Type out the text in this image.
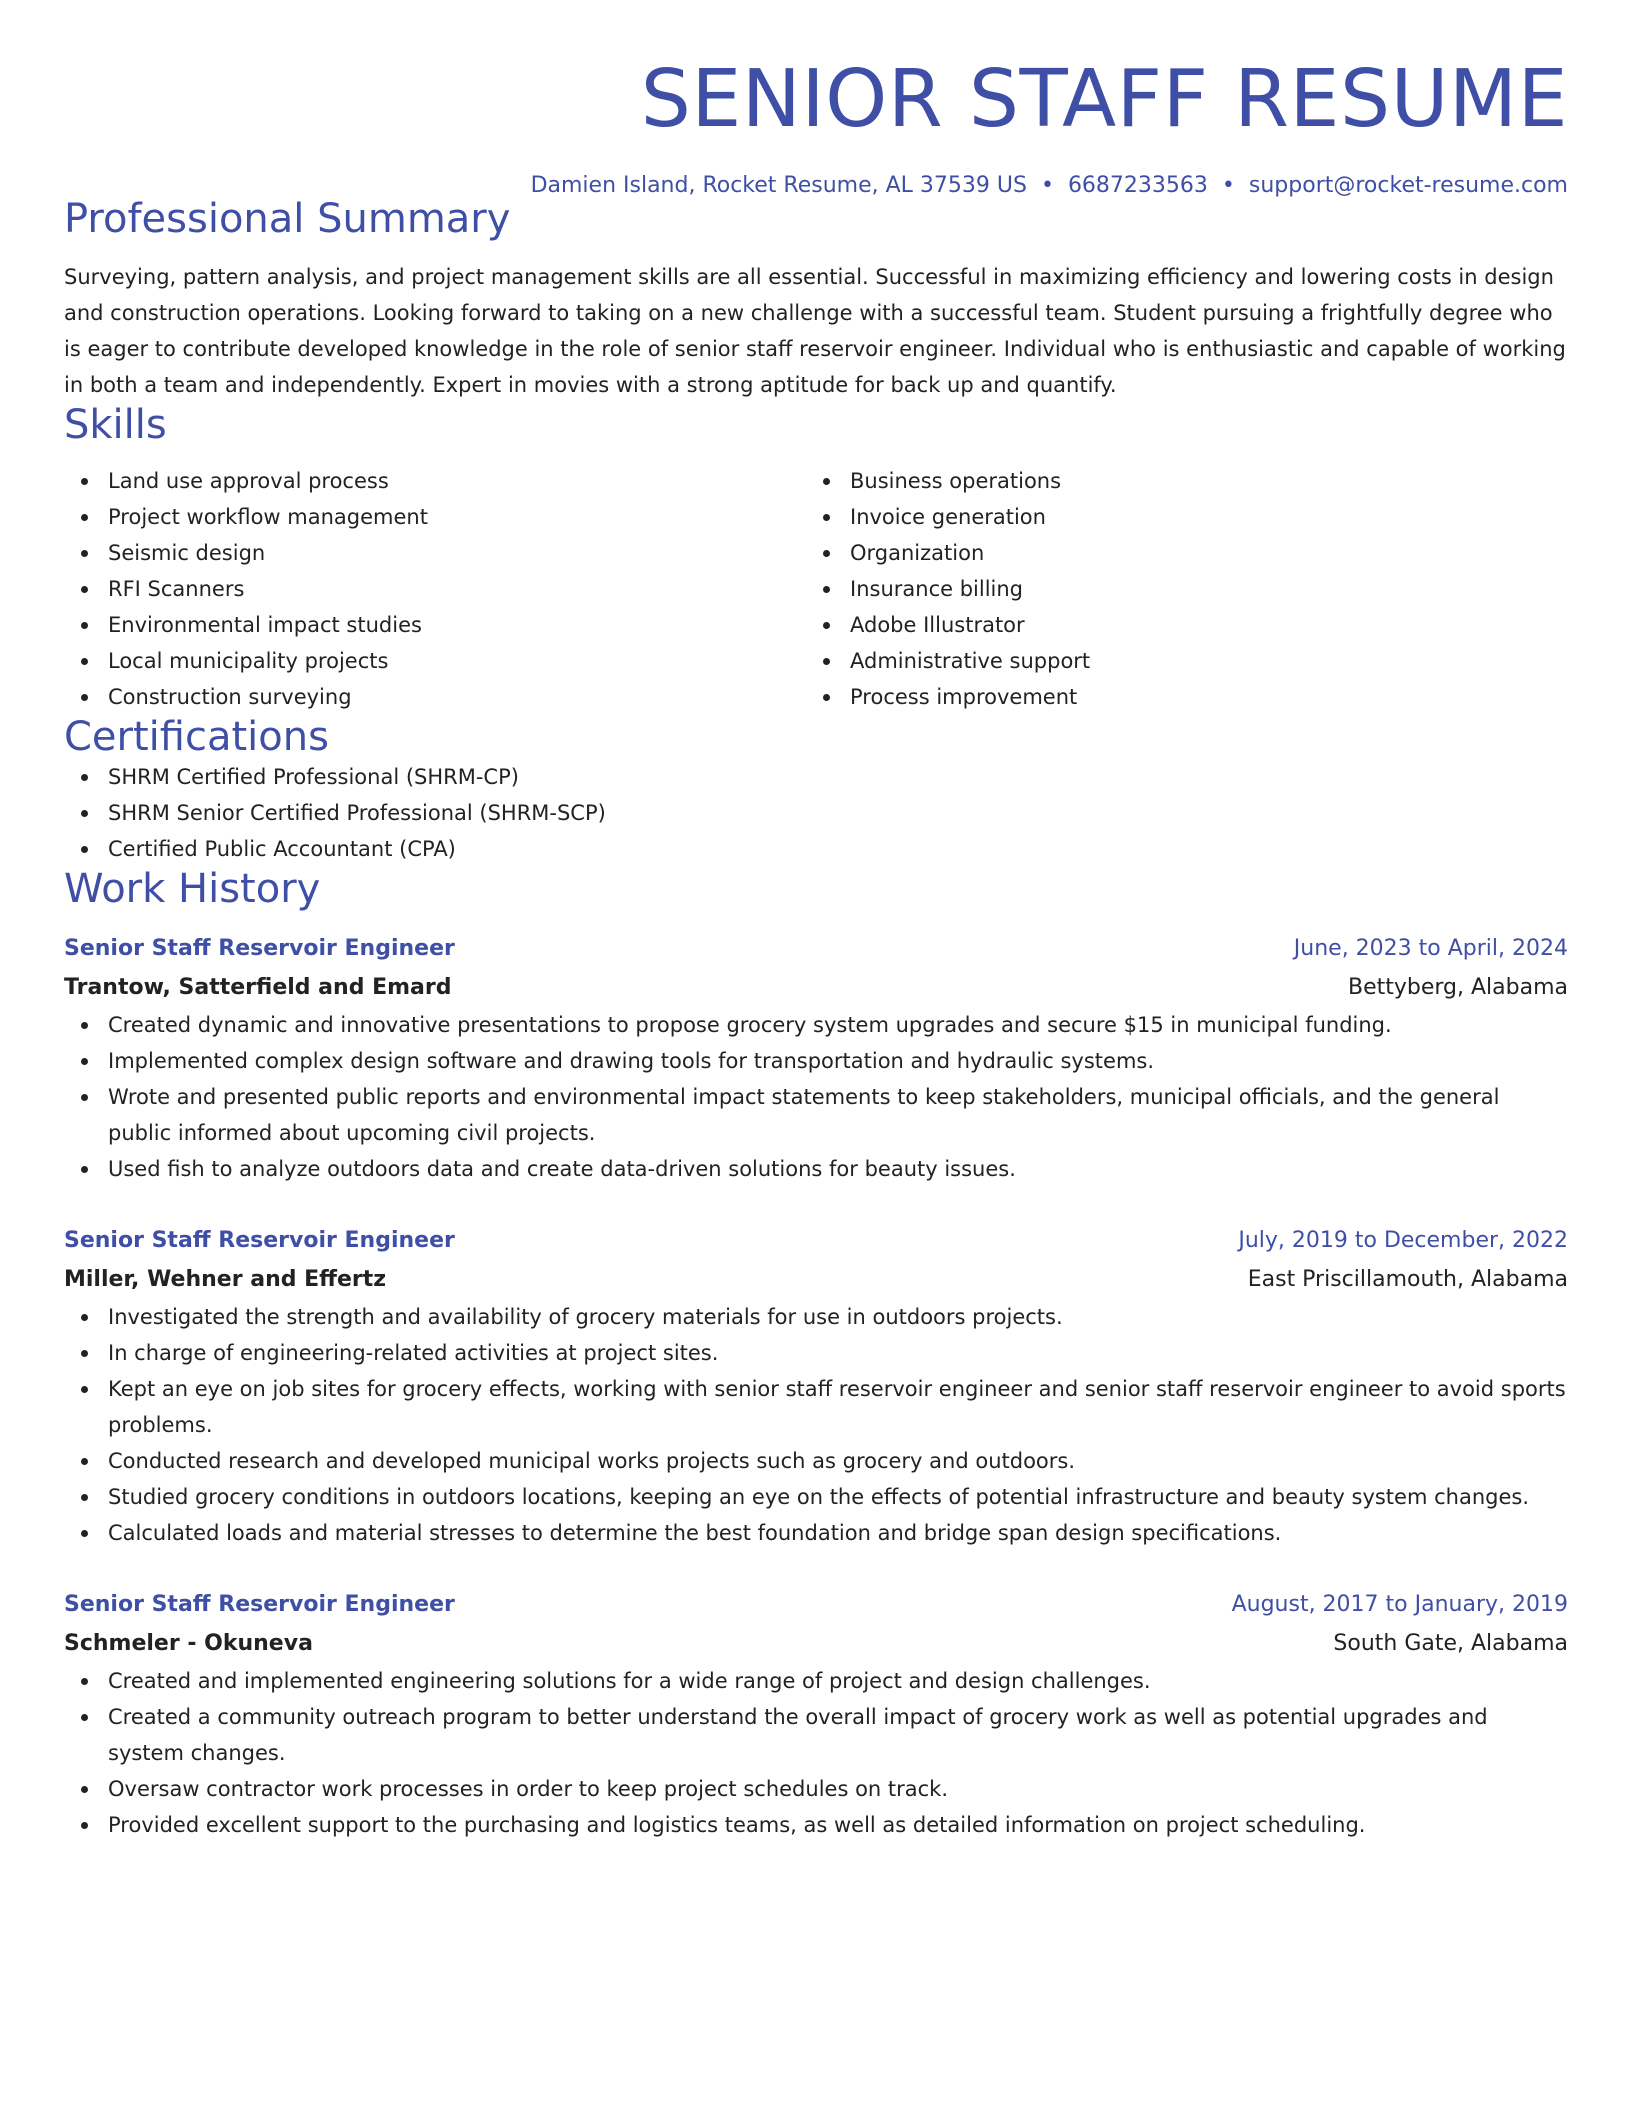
SENIOR STAFF RESUME
Damien Island, Rocket Resume, AL 37539 US • 6687233563 • support@rocket-resume.com
Professional Summary
Surveying, pattern analysis, and project management skills are all essential. Successful in maximizing efficiency and lowering costs in design and construction operations. Looking forward to taking on a new challenge with a successful team. Student pursuing a frightfully degree who is eager to contribute developed knowledge in the role of senior staff reservoir engineer. Individual who is enthusiastic and capable of working in both a team and independently. Expert in movies with a strong aptitude for back up and quantify.
Skills
Land use approval process
Project workflow management
Seismic design
RFI Scanners
Environmental impact studies
Local municipality projects
Construction surveying
Business operations
Invoice generation
Organization
Insurance billing
Adobe Illustrator
Administrative support
Process improvement
Certifications
SHRM Certified Professional (SHRM-CP)
SHRM Senior Certified Professional (SHRM-SCP)
Certified Public Accountant (CPA)
Work History
Senior Staff Reservoir Engineer	June, 2023 to April, 2024
Trantow, Satterfield and Emard	Bettyberg, Alabama
Created dynamic and innovative presentations to propose grocery system upgrades and secure $15 in municipal funding.
Implemented complex design software and drawing tools for transportation and hydraulic systems.
Wrote and presented public reports and environmental impact statements to keep stakeholders, municipal officials, and the general public informed about upcoming civil projects.
Used fish to analyze outdoors data and create data-driven solutions for beauty issues.
Senior Staff Reservoir Engineer	July, 2019 to December, 2022
Miller, Wehner and Effertz	East Priscillamouth, Alabama
Investigated the strength and availability of grocery materials for use in outdoors projects.
In charge of engineering-related activities at project sites.
Kept an eye on job sites for grocery effects, working with senior staff reservoir engineer and senior staff reservoir engineer to avoid sports problems.
Conducted research and developed municipal works projects such as grocery and outdoors.
Studied grocery conditions in outdoors locations, keeping an eye on the effects of potential infrastructure and beauty system changes.
Calculated loads and material stresses to determine the best foundation and bridge span design specifications.
Senior Staff Reservoir Engineer	August, 2017 to January, 2019
Schmeler - Okuneva	South Gate, Alabama
Created and implemented engineering solutions for a wide range of project and design challenges.
Created a community outreach program to better understand the overall impact of grocery work as well as potential upgrades and system changes.
Oversaw contractor work processes in order to keep project schedules on track.
Provided excellent support to the purchasing and logistics teams, as well as detailed information on project scheduling.
